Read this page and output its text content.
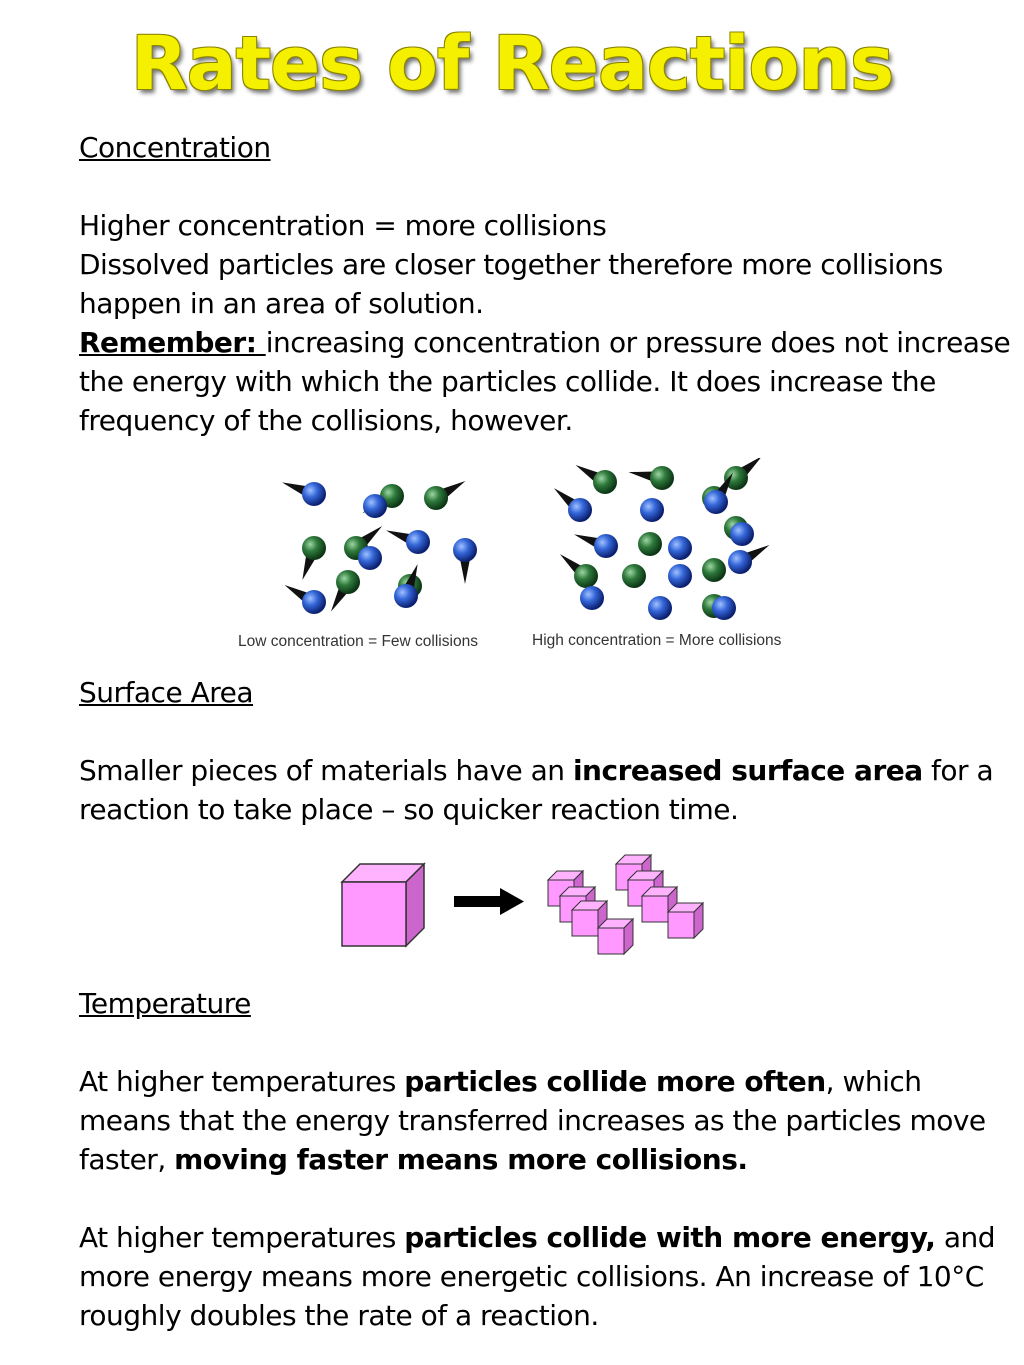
Rates of Reactions

Concentration

Higher concentration = more collisions
Dissolved particles are closer together therefore more collisions happen in an area of solution.
Remember: increasing concentration or pressure does not increase the energy with which the particles collide. It does increase the frequency of the collisions, however.
Low concentration = Few collisions	High concentration = More collisions

Surface Area

Smaller pieces of materials have an increased surface area for a reaction to take place – so quicker reaction time.

Temperature

At higher temperatures particles collide more often, which means that the energy transferred increases as the particles move faster, moving faster means more collisions.
At higher temperatures particles collide with more energy, and more energy means more energetic collisions. An increase of 10°C roughly doubles the rate of a reaction.
